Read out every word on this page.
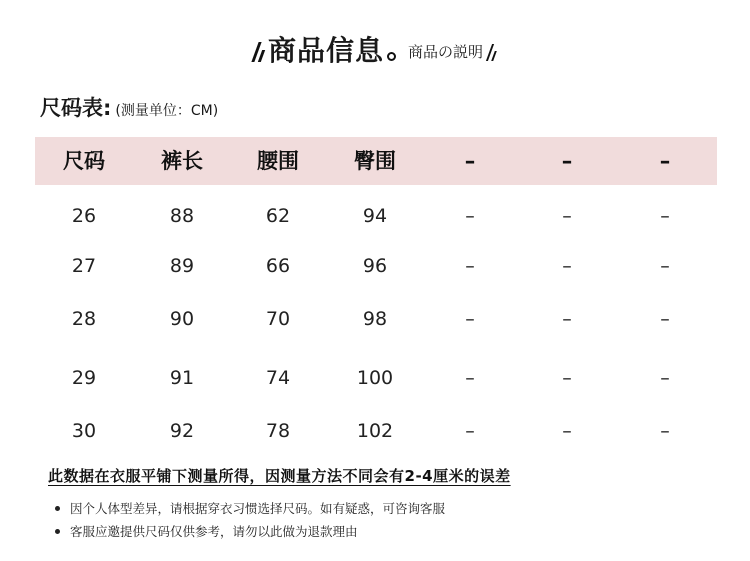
商品信息 商品の説明
尺码表: (测量单位：CM)
尺码	裤长	腰围	臀围	–	–	–
26	88	62	94	–	–	–
27	89	66	96	–	–	–
28	90	70	98	–	–	–
29	91	74	100	–	–	–
30	92	78	102	–	–	–
此数据在衣服平铺下测量所得，因测量方法不同会有2-4厘米的误差
因个人体型差异，请根据穿衣习惯选择尺码。如有疑惑，可咨询客服
客服应邀提供尺码仅供参考，请勿以此做为退款理由
